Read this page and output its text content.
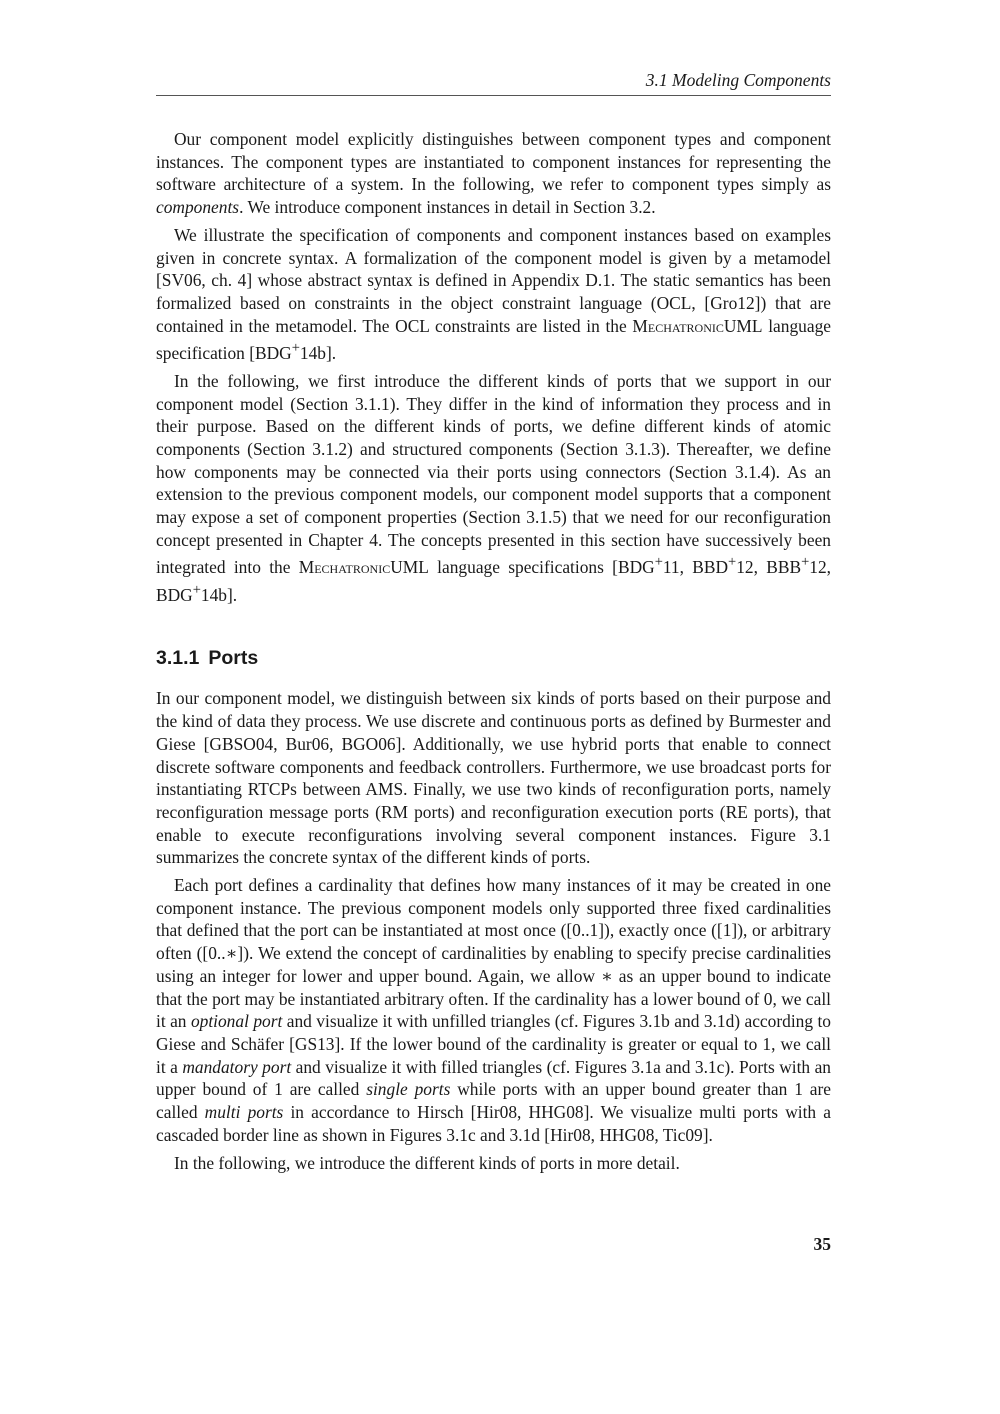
3.1 Modeling Components

Our component model explicitly distinguishes between component types and component instances. The component types are instantiated to component instances for representing the software architecture of a system. In the following, we refer to component types simply as components. We introduce component instances in detail in Section 3.2.

We illustrate the specification of components and component instances based on examples given in concrete syntax. A formalization of the component model is given by a metamodel [SV06, ch. 4] whose abstract syntax is defined in Appendix D.1. The static semantics has been formalized based on constraints in the object constraint language (OCL, [Gro12]) that are contained in the metamodel. The OCL constraints are listed in the MechatronicUML language specification [BDG+14b].

In the following, we first introduce the different kinds of ports that we support in our component model (Section 3.1.1). They differ in the kind of information they process and in their purpose. Based on the different kinds of ports, we define different kinds of atomic components (Section 3.1.2) and structured components (Section 3.1.3). Thereafter, we define how components may be connected via their ports using connectors (Section 3.1.4). As an extension to the previous component models, our component model supports that a component may expose a set of component properties (Section 3.1.5) that we need for our reconfiguration concept presented in Chapter 4. The concepts presented in this section have successively been integrated into the MechatronicUML language specifications [BDG+11, BBD+12, BBB+12, BDG+14b].

3.1.1 Ports

In our component model, we distinguish between six kinds of ports based on their purpose and the kind of data they process. We use discrete and continuous ports as defined by Burmester and Giese [GBSO04, Bur06, BGO06]. Additionally, we use hybrid ports that enable to connect discrete software components and feedback controllers. Furthermore, we use broadcast ports for instantiating RTCPs between AMS. Finally, we use two kinds of reconfiguration ports, namely reconfiguration message ports (RM ports) and reconfiguration execution ports (RE ports), that enable to execute reconfigurations involving several component instances. Figure 3.1 summarizes the concrete syntax of the different kinds of ports.

Each port defines a cardinality that defines how many instances of it may be created in one component instance. The previous component models only supported three fixed cardinalities that defined that the port can be instantiated at most once ([0..1]), exactly once ([1]), or arbitrary often ([0..∗]). We extend the concept of cardinalities by enabling to specify precise cardinalities using an integer for lower and upper bound. Again, we allow ∗ as an upper bound to indicate that the port may be instantiated arbitrary often. If the cardinality has a lower bound of 0, we call it an optional port and visualize it with unfilled triangles (cf. Figures 3.1b and 3.1d) according to Giese and Schäfer [GS13]. If the lower bound of the cardinality is greater or equal to 1, we call it a mandatory port and visualize it with filled triangles (cf. Figures 3.1a and 3.1c). Ports with an upper bound of 1 are called single ports while ports with an upper bound greater than 1 are called multi ports in accordance to Hirsch [Hir08, HHG08]. We visualize multi ports with a cascaded border line as shown in Figures 3.1c and 3.1d [Hir08, HHG08, Tic09].

In the following, we introduce the different kinds of ports in more detail.

35
